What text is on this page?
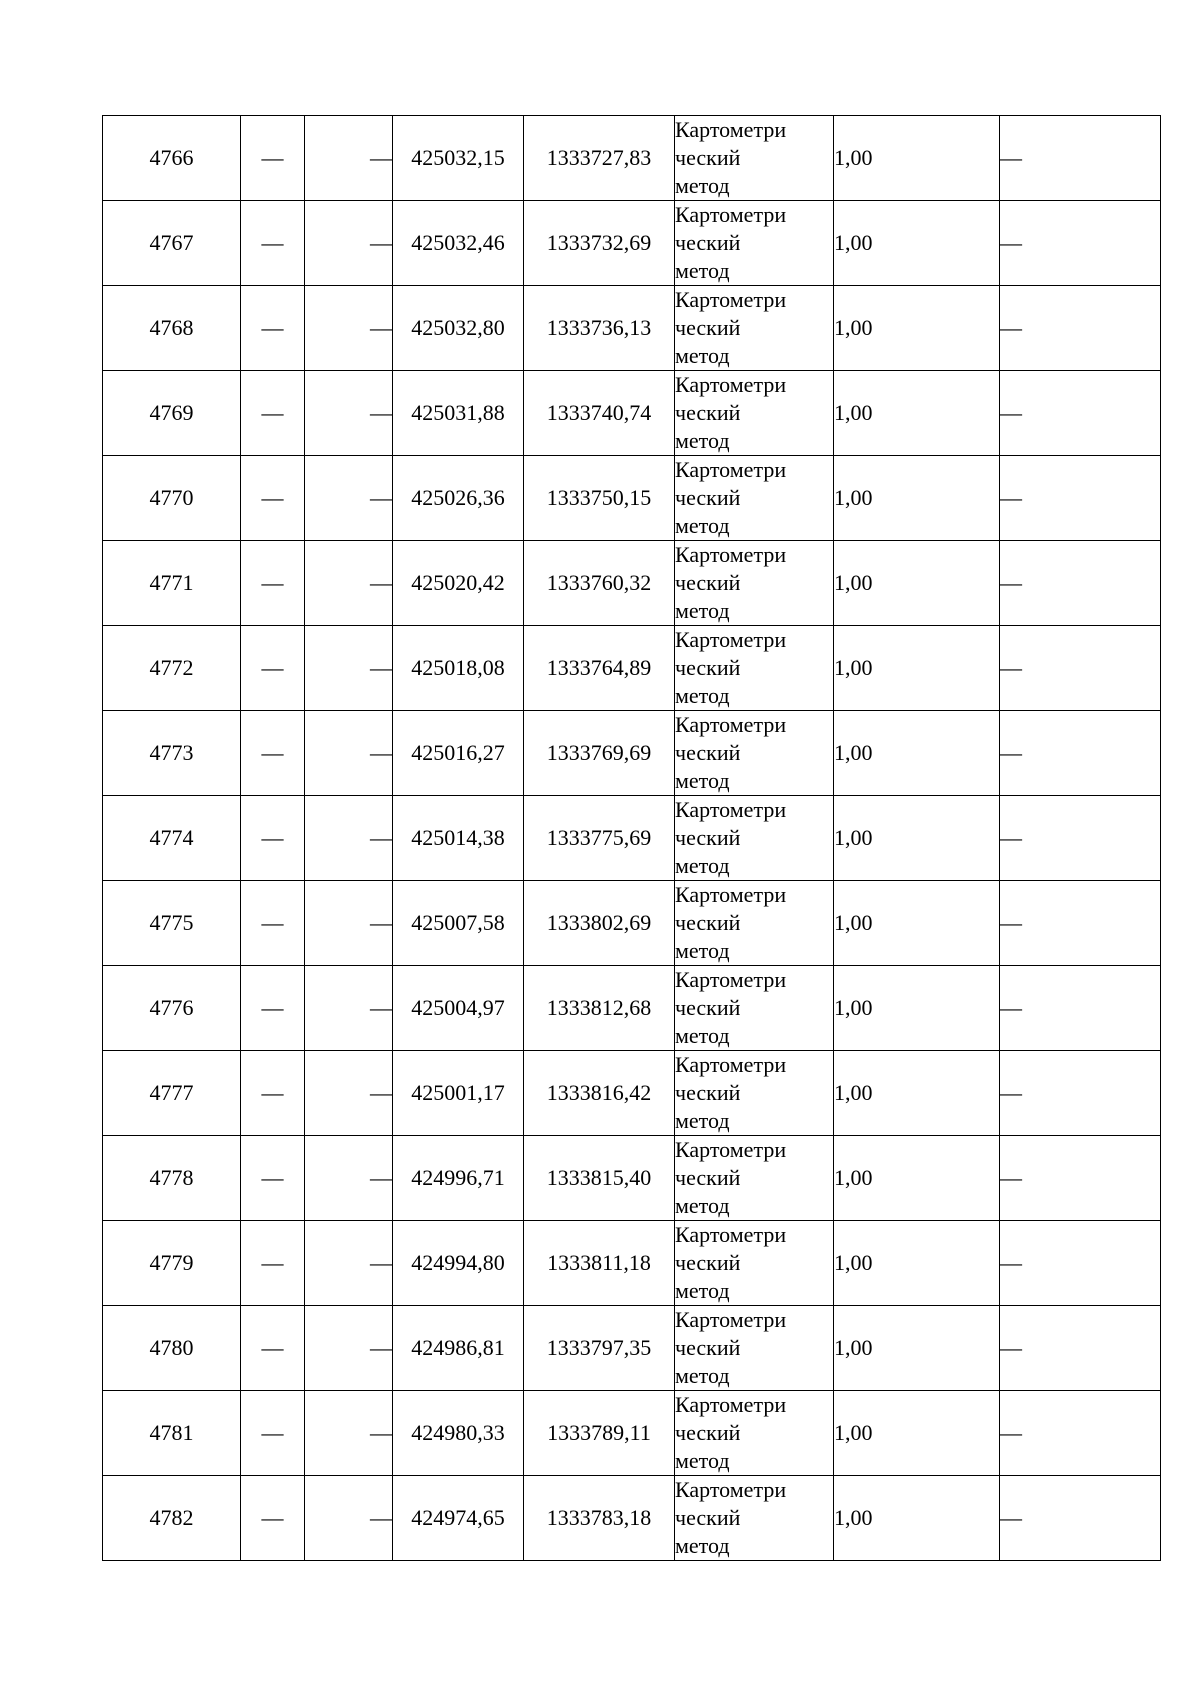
4766	—	—	425032,15	1333727,83	Картометри
ческий
метод	1,00	—
4767	—	—	425032,46	1333732,69	Картометри
ческий
метод	1,00	—
4768	—	—	425032,80	1333736,13	Картометри
ческий
метод	1,00	—
4769	—	—	425031,88	1333740,74	Картометри
ческий
метод	1,00	—
4770	—	—	425026,36	1333750,15	Картометри
ческий
метод	1,00	—
4771	—	—	425020,42	1333760,32	Картометри
ческий
метод	1,00	—
4772	—	—	425018,08	1333764,89	Картометри
ческий
метод	1,00	—
4773	—	—	425016,27	1333769,69	Картометри
ческий
метод	1,00	—
4774	—	—	425014,38	1333775,69	Картометри
ческий
метод	1,00	—
4775	—	—	425007,58	1333802,69	Картометри
ческий
метод	1,00	—
4776	—	—	425004,97	1333812,68	Картометри
ческий
метод	1,00	—
4777	—	—	425001,17	1333816,42	Картометри
ческий
метод	1,00	—
4778	—	—	424996,71	1333815,40	Картометри
ческий
метод	1,00	—
4779	—	—	424994,80	1333811,18	Картометри
ческий
метод	1,00	—
4780	—	—	424986,81	1333797,35	Картометри
ческий
метод	1,00	—
4781	—	—	424980,33	1333789,11	Картометри
ческий
метод	1,00	—
4782	—	—	424974,65	1333783,18	Картометри
ческий
метод	1,00	—
